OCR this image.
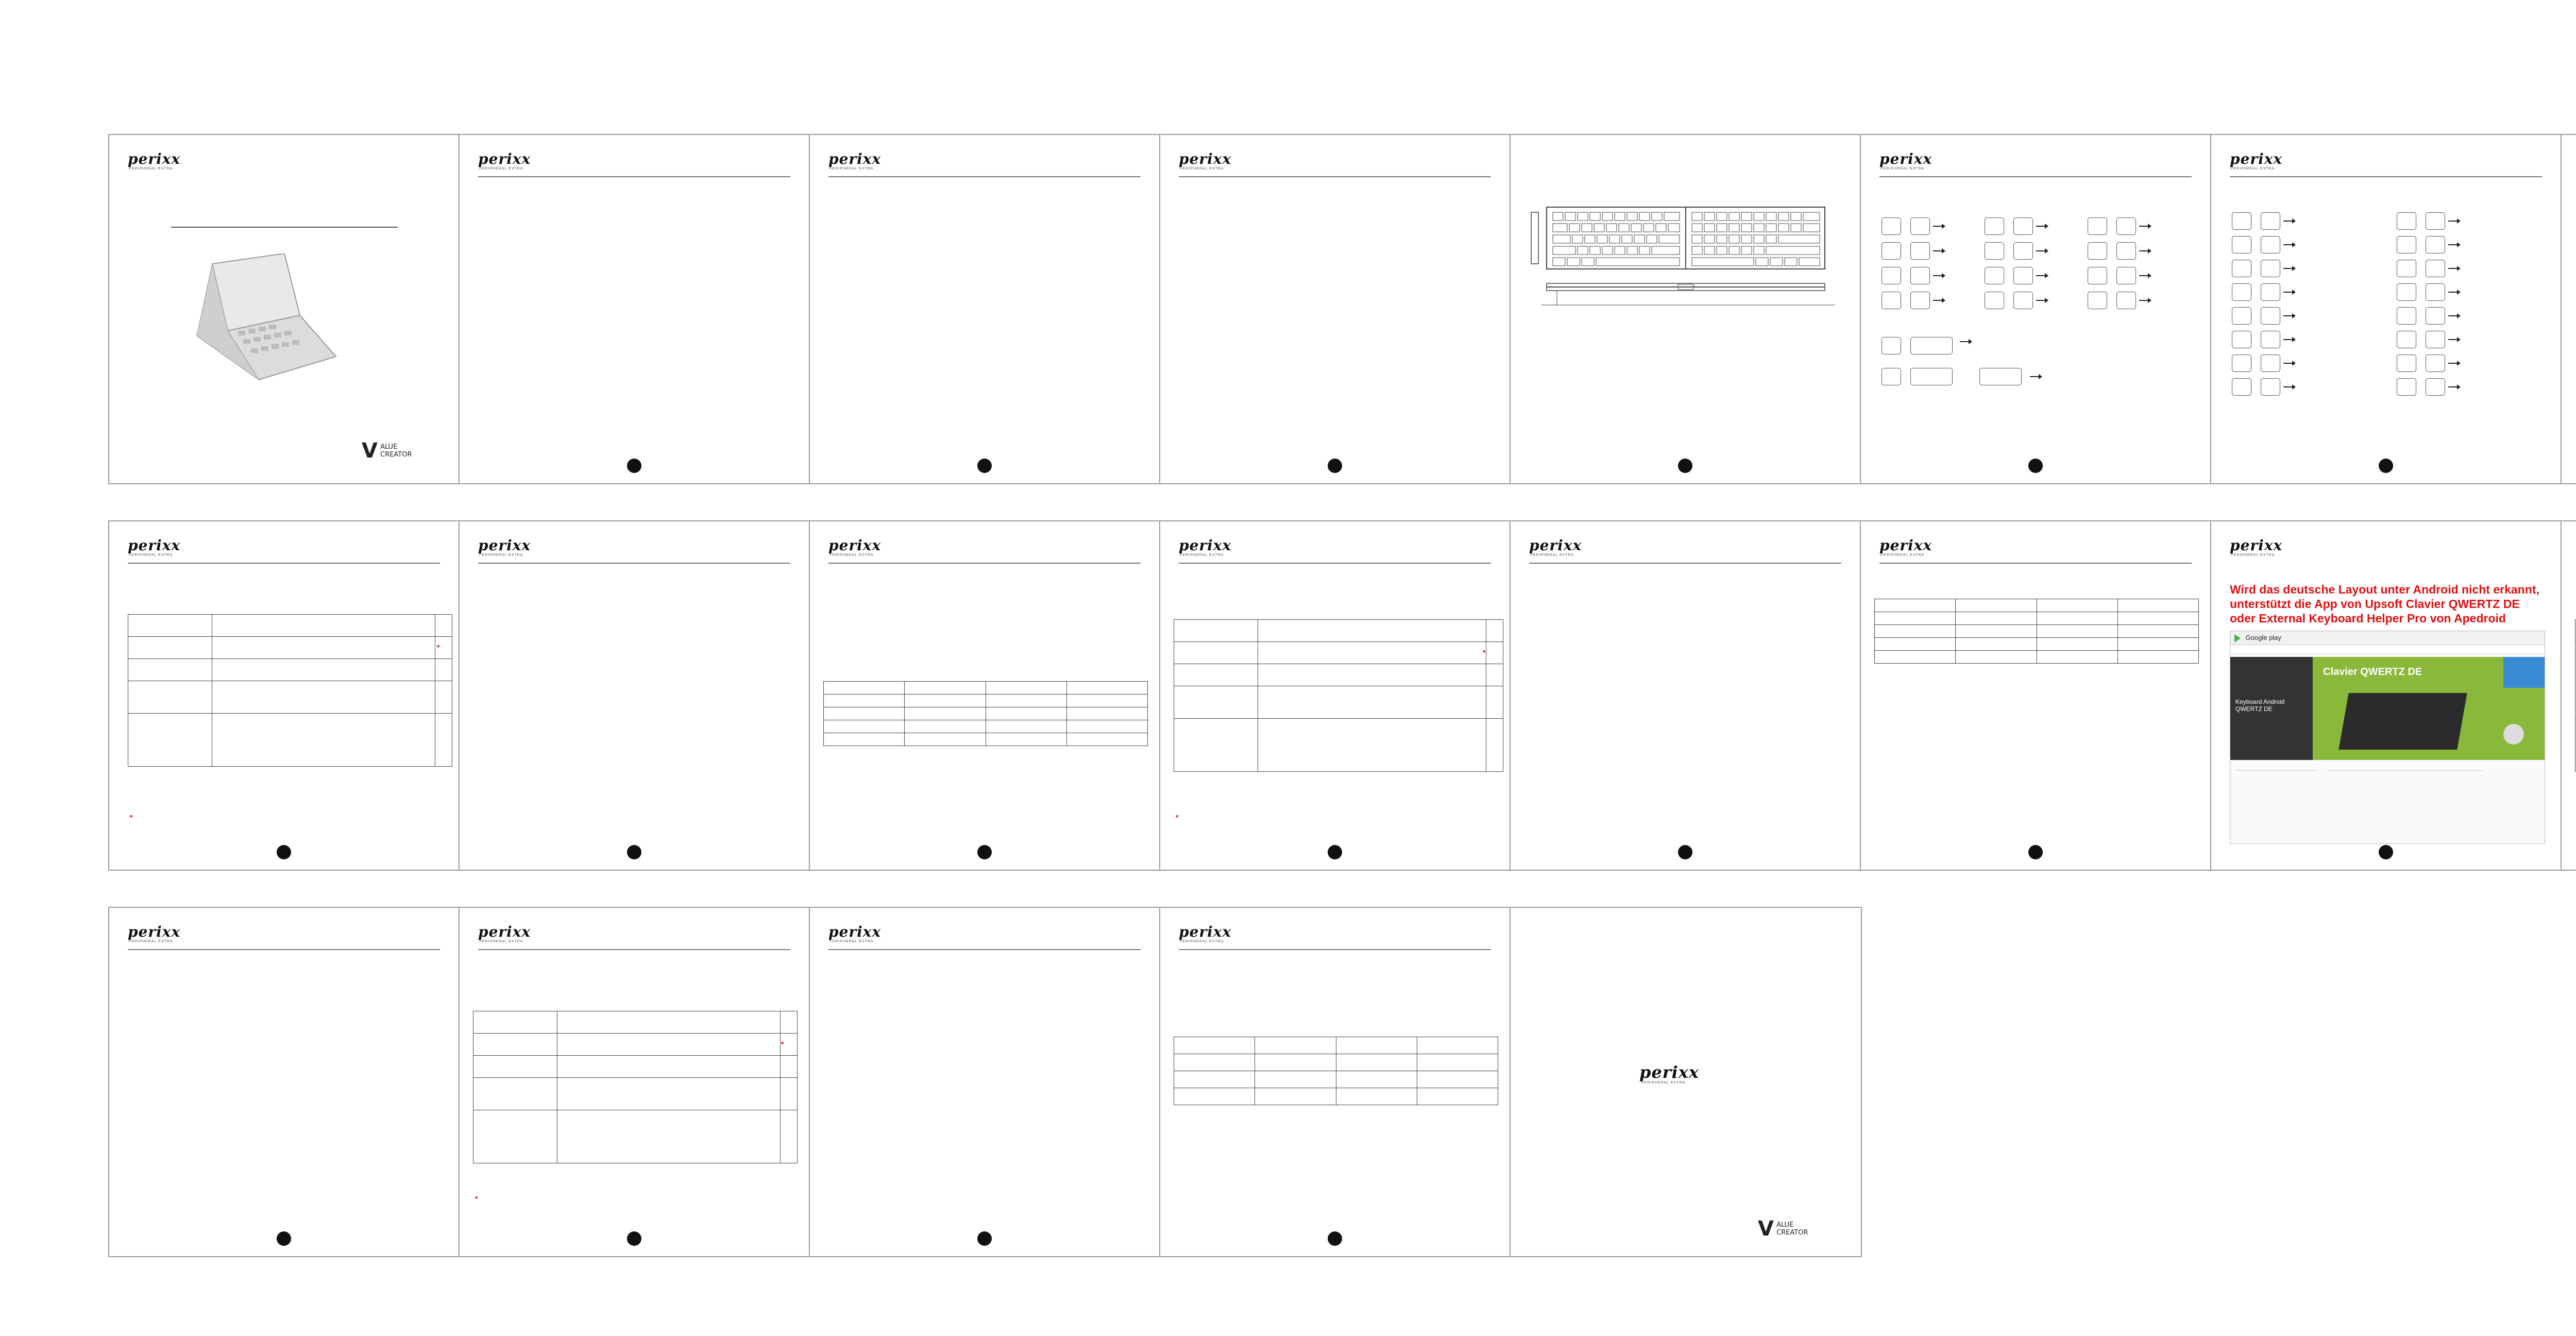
perixx
PERIPHERAL EXTRA
V ALUE
CREATOR
perixx
PERIPHERAL EXTRA
perixx
PERIPHERAL EXTRA
perixx
PERIPHERAL EXTRA
perixx
PERIPHERAL EXTRA
perixx
PERIPHERAL EXTRA
perixx
PERIPHERAL EXTRA

*
*
perixx
PERIPHERAL EXTRA
perixx
PERIPHERAL EXTRA

perixx
PERIPHERAL EXTRA

*
*
perixx
PERIPHERAL EXTRA
perixx
PERIPHERAL EXTRA

perixx
PERIPHERAL EXTRA
Wird das deutsche Layout unter Android nicht erkannt,
unterstützt die App von Upsoft Clavier QWERTZ DE
oder External Keyboard Helper Pro von Apedroid
Google play
Keyboard Android
QWERTZ DE
Clavier QWERTZ DE

perixx
PERIPHERAL EXTRA
perixx
PERIPHERAL EXTRA

*
*
perixx
PERIPHERAL EXTRA
perixx
PERIPHERAL EXTRA

perixx
PERIPHERAL EXTRA
V ALUE
CREATOR
